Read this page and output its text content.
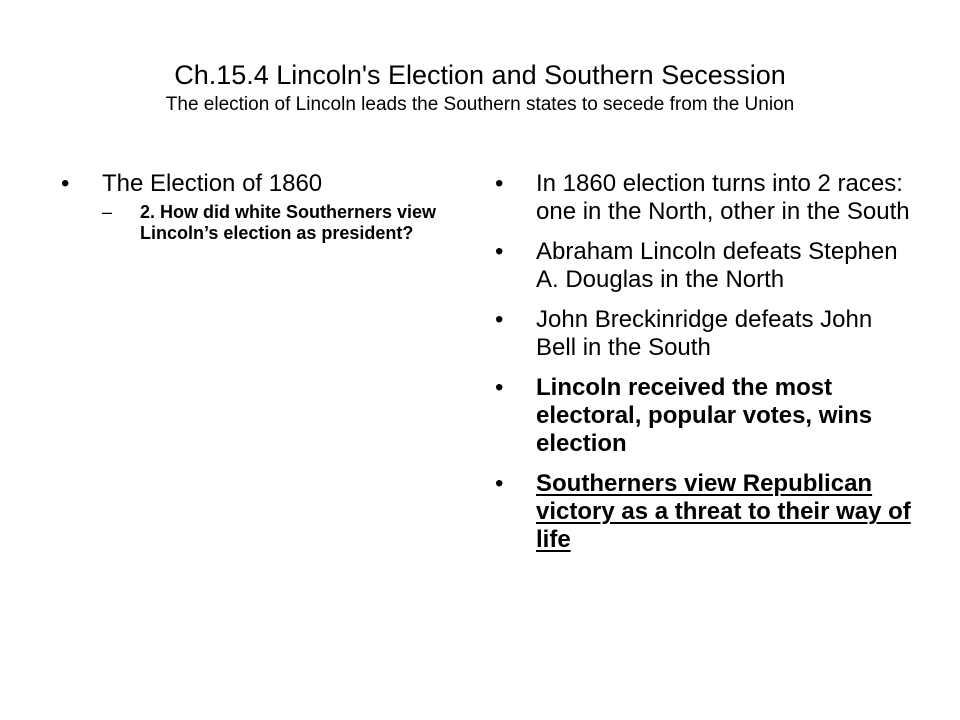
Ch.15.4 Lincoln's Election and Southern Secession
The election of Lincoln leads the Southern states to secede from the Union
• The Election of 1860
– 2. How did white Southerners view Lincoln’s election as president?
• In 1860 election turns into 2 races: one in the North, other in the South
• Abraham Lincoln defeats Stephen A. Douglas in the North
• John Breckinridge defeats John Bell in the South
• Lincoln received the most electoral, popular votes, wins election
• Southerners view Republican victory as a threat to their way of life
